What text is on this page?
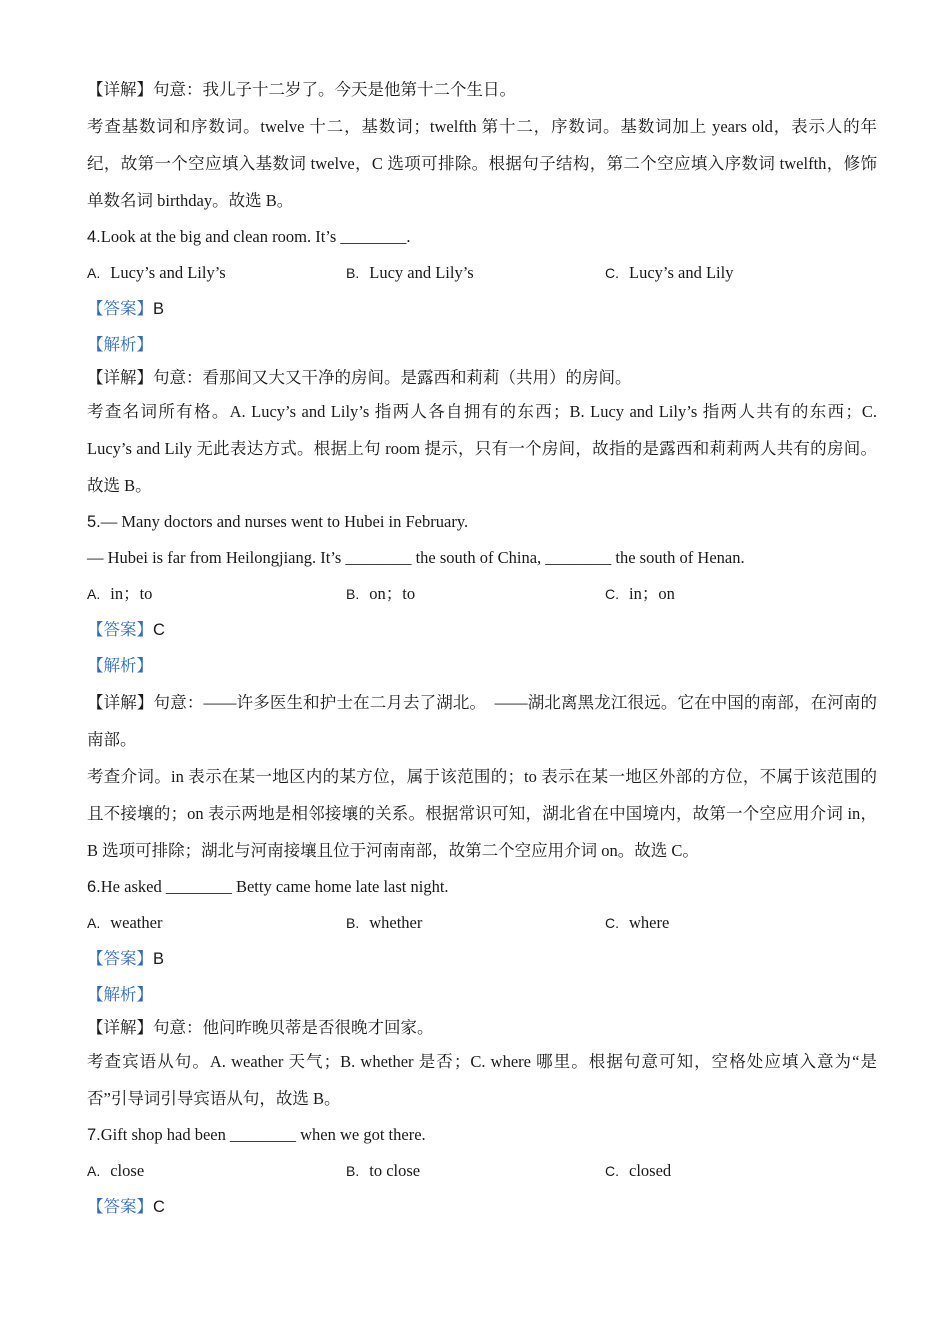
【详解】句意：我儿子十二岁了。今天是他第十二个生日。
考查基数词和序数词。twelve 十二，基数词；twelfth 第十二，序数词。基数词加上 years old，表示人的年纪，故第一个空应填入基数词 twelve，C 选项可排除。根据句子结构，第二个空应填入序数词 twelfth，修饰单数名词 birthday。故选 B。
4.Look at the big and clean room. It’s ________.
A. Lucy’s and Lily’s	B. Lucy and Lily’s	C. Lucy’s and Lily
【答案】B
【解析】
【详解】句意：看那间又大又干净的房间。是露西和莉莉（共用）的房间。
考查名词所有格。A. Lucy’s and Lily’s 指两人各自拥有的东西；B. Lucy and Lily’s 指两人共有的东西；C. Lucy’s and Lily 无此表达方式。根据上句 room 提示，只有一个房间，故指的是露西和莉莉两人共有的房间。故选 B。
5.— Many doctors and nurses went to Hubei in February.
— Hubei is far from Heilongjiang. It’s ________ the south of China, ________ the south of Henan.
A. in；to	B. on；to	C. in；on
【答案】C
【解析】
【详解】句意：——许多医生和护士在二月去了湖北。　——湖北离黑龙江很远。它在中国的南部，在河南的南部。
考查介词。in 表示在某一地区内的某方位，属于该范围的；to 表示在某一地区外部的方位，不属于该范围的且不接壤的；on 表示两地是相邻接壤的关系。根据常识可知，湖北省在中国境内，故第一个空应用介词 in，B 选项可排除；湖北与河南接壤且位于河南南部，故第二个空应用介词 on。故选 C。
6.He asked ________ Betty came home late last night.
A. weather	B. whether	C. where
【答案】B
【解析】
【详解】句意：他问昨晚贝蒂是否很晚才回家。
考查宾语从句。A. weather 天气；B. whether 是否；C. where 哪里。根据句意可知，空格处应填入意为“是否”引导词引导宾语从句，故选 B。
7.Gift shop had been ________ when we got there.
A. close	B. to close	C. closed
【答案】C
